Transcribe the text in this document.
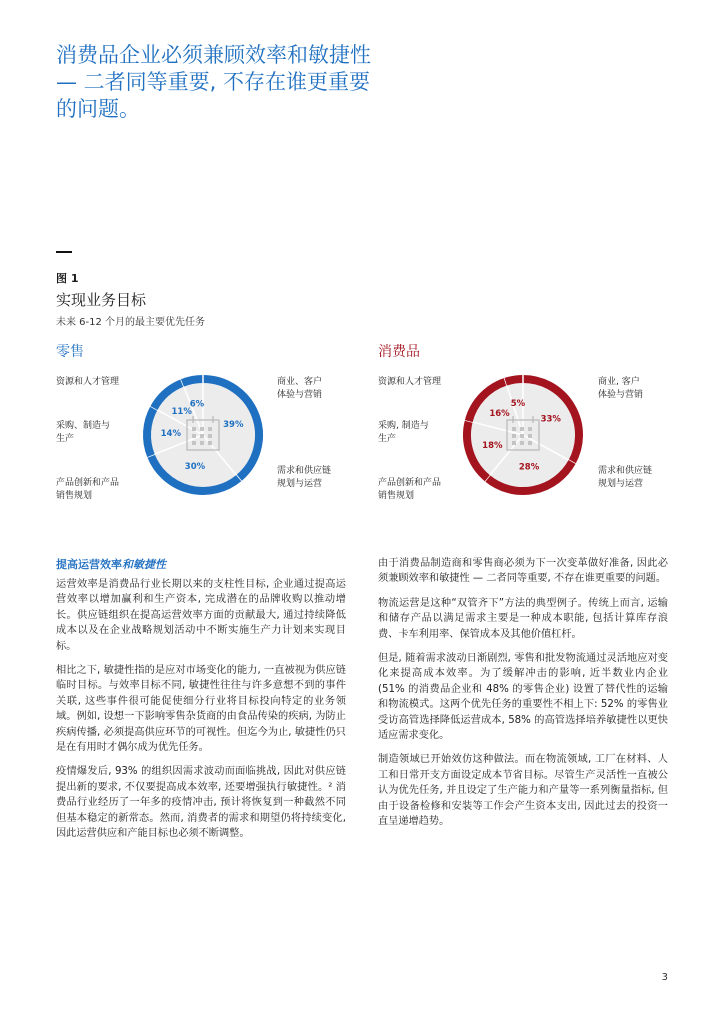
消费品企业必须兼顾效率和敏捷性 — 二者同等重要, 不存在谁更重要的问题。
图 1
实现业务目标
未来 6-12 个月的最主要优先任务
零售
资源和人才管理	商业、客户
体验与营销
采购、制造与
生产
产品创新和产品
销售规划
需求和供应链
规划与运营
39%
30%
14%
11%
6%
消费品
资源和人才管理	商业, 客户
体验与营销
采购, 制造与
生产
产品创新和产品
销售规划
需求和供应链
规划与运营
33%
28%
18%
16%
5%
提高运营效率和敏捷性

运营效率是消费品行业长期以来的支柱性目标, 企业通过提高运营效率以增加赢利和生产资本, 完成潜在的品牌收购以推动增长。供应链组织在提高运营效率方面的贡献最大, 通过持续降低成本以及在企业战略规划活动中不断实施生产力计划来实现目标。

相比之下, 敏捷性指的是应对市场变化的能力, 一直被视为供应链临时目标。与效率目标不同, 敏捷性往往与许多意想不到的事件关联, 这些事件很可能促使细分行业将目标投向特定的业务领域。例如, 设想一下影响零售杂货商的由食品传染的疾病, 为防止疾病传播, 必须提高供应环节的可视性。但迄今为止, 敏捷性仍只是在有用时才偶尔成为优先任务。

疫情爆发后, 93% 的组织因需求波动而面临挑战, 因此对供应链提出新的要求, 不仅要提高成本效率, 还要增强执行敏捷性。² 消费品行业经历了一年多的疫情冲击, 预计将恢复到一种截然不同但基本稳定的新常态。然而, 消费者的需求和期望仍将持续变化, 因此运营供应和产能目标也必须不断调整。

由于消费品制造商和零售商必须为下一次变革做好准备, 因此必须兼顾效率和敏捷性 — 二者同等重要, 不存在谁更重要的问题。

物流运营是这种“双管齐下”方法的典型例子。传统上而言, 运输和储存产品以满足需求主要是一种成本职能, 包括计算库存浪费、卡车利用率、保管成本及其他价值杠杆。

但是, 随着需求波动日渐剧烈, 零售和批发物流通过灵活地应对变化来提高成本效率。为了缓解冲击的影响, 近半数业内企业 (51% 的消费品企业和 48% 的零售企业) 设置了替代性的运输和物流模式。这两个优先任务的重要性不相上下: 52% 的零售业受访高管选择降低运营成本, 58% 的高管选择培养敏捷性以更快适应需求变化。

制造领域已开始效仿这种做法。而在物流领域, 工厂在材料、人工和日常开支方面设定成本节省目标。尽管生产灵活性一直被公认为优先任务, 并且设定了生产能力和产量等一系列衡量指标, 但由于设备检修和安装等工作会产生资本支出, 因此过去的投资一直呈递增趋势。

3
